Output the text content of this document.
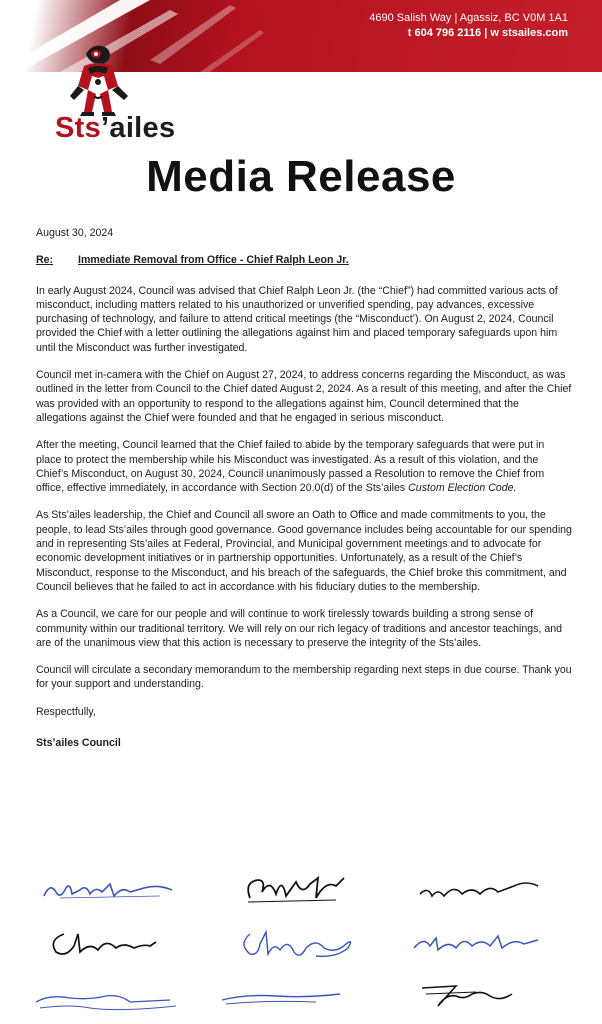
4690 Salish Way | Agassiz, BC V0M 1A1
t 604 796 2116 | w stsailes.com
Sts’ailes
Media Release

August 30, 2024

Re: Immediate Removal from Office - Chief Ralph Leon Jr.

In early August 2024, Council was advised that Chief Ralph Leon Jr. (the “Chief”) had committed various acts of misconduct, including matters related to his unauthorized or unverified spending, pay advances, excessive purchasing of technology, and failure to attend critical meetings (the “Misconduct’). On August 2, 2024, Council provided the Chief with a letter outlining the allegations against him and placed temporary safeguards upon him until the Misconduct was further investigated.

Council met in-camera with the Chief on August 27, 2024, to address concerns regarding the Misconduct, as was outlined in the letter from Council to the Chief dated August 2, 2024. As a result of this meeting, and after the Chief was provided with an opportunity to respond to the allegations against him, Council determined that the allegations against the Chief were founded and that he engaged in serious misconduct.

After the meeting, Council learned that the Chief failed to abide by the temporary safeguards that were put in place to protect the membership while his Misconduct was investigated. As a result of this violation, and the Chief’s Misconduct, on August 30, 2024, Council unanimously passed a Resolution to remove the Chief from office, effective immediately, in accordance with Section 20.0(d) of the Sts’ailes Custom Election Code.

As Sts’ailes leadership, the Chief and Council all swore an Oath to Office and made commitments to you, the people, to lead Sts’ailes through good governance. Good governance includes being accountable for our spending and in representing Sts’ailes at Federal, Provincial, and Municipal government meetings and to advocate for economic development initiatives or in partnership opportunities. Unfortunately, as a result of the Chief’s Misconduct, response to the Misconduct, and his breach of the safeguards, the Chief broke this commitment, and Council believes that he failed to act in accordance with his fiduciary duties to the membership.

As a Council, we care for our people and will continue to work tirelessly towards building a strong sense of community within our traditional territory. We will rely on our rich legacy of traditions and ancestor teachings, and are of the unanimous view that this action is necessary to preserve the integrity of the Sts’ailes.

Council will circulate a secondary memorandum to the membership regarding next steps in due course. Thank you for your support and understanding.

Respectfully,

Sts’ailes Council
